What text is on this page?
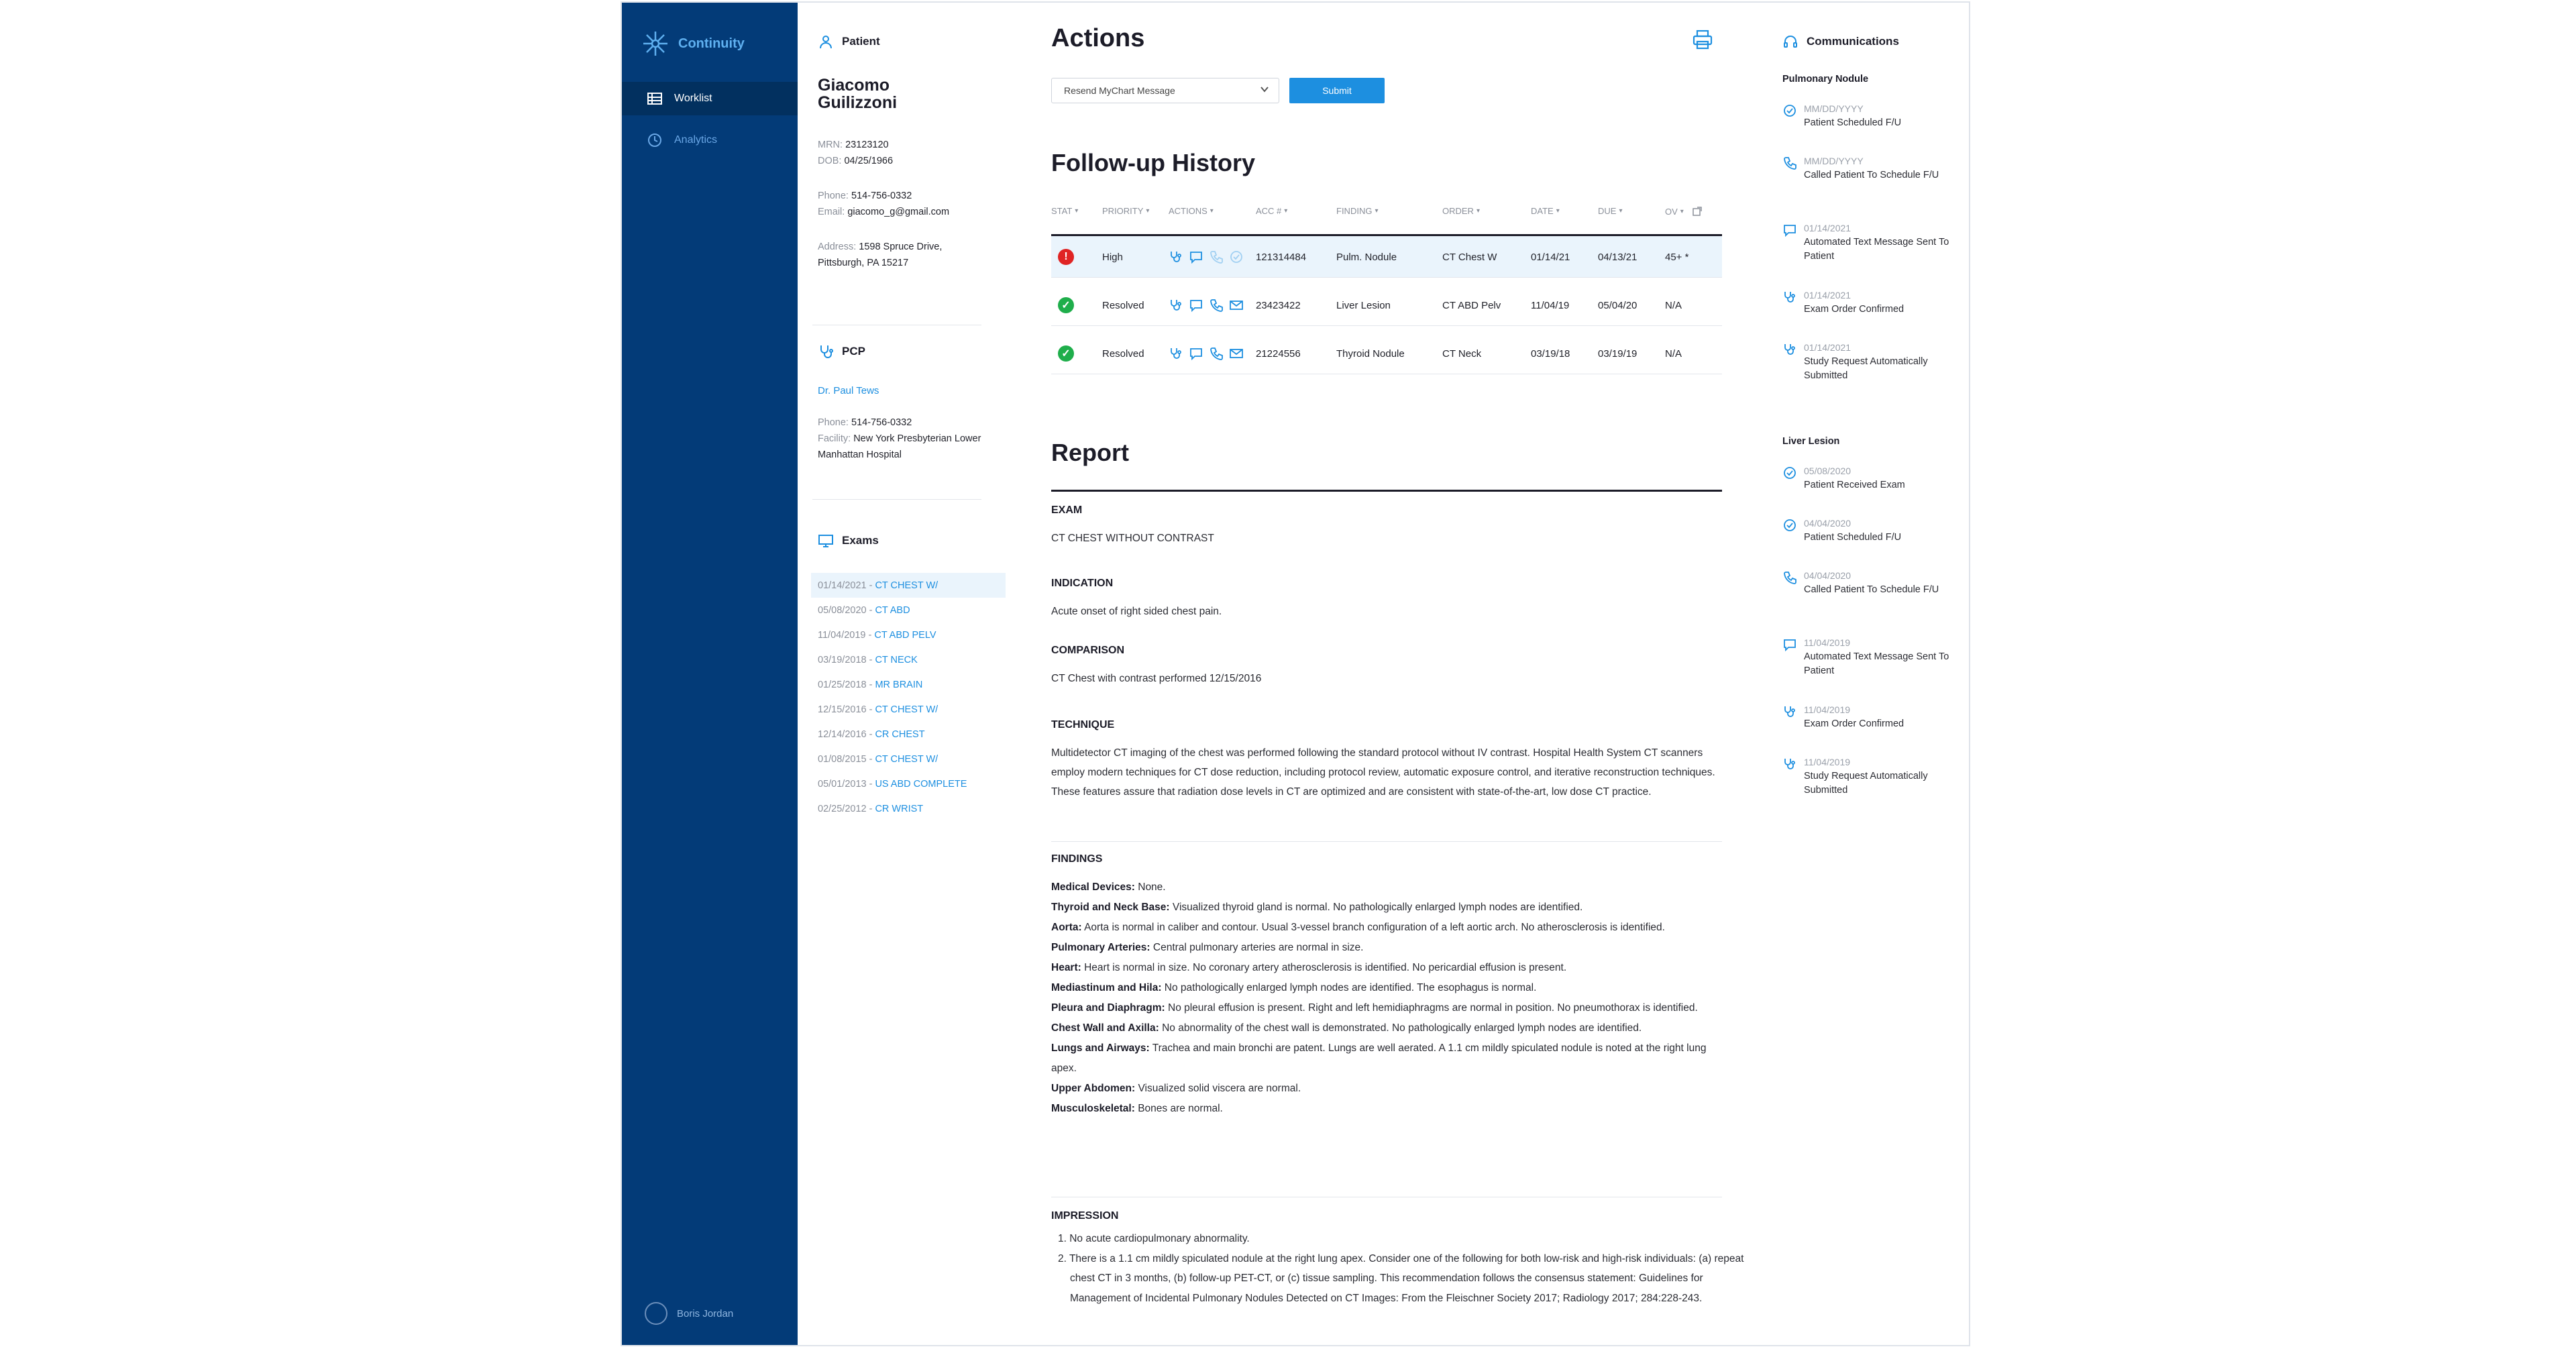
Continuity
Worklist
Analytics
Boris Jordan
Patient
Giacomo Guilizzoni
MRN: 23123120
DOB: 04/25/1966
Phone: 514-756-0332
Email: giacomo_g@gmail.com
Address: 1598 Spruce Drive, Pittsburgh, PA 15217
PCP
Dr. Paul Tews
Phone: 514-756-0332
Facility: New York Presbyterian Lower Manhattan Hospital
Exams
01/14/2021 - CT CHEST W/
05/08/2020 - CT ABD
11/04/2019 - CT ABD PELV
03/19/2018 - CT NECK
01/25/2018 - MR BRAIN
12/15/2016 - CT CHEST W/
12/14/2016 - CR CHEST
01/08/2015 - CT CHEST W/
05/01/2013 - US ABD COMPLETE
02/25/2012 - CR WRIST
Actions
Resend MyChart Message	Submit
Follow-up History
STAT ▾	PRIORITY ▾ ACTIONS ▾	ACC # ▾	FINDING ▾	ORDER ▾	DATE ▾	DUE ▾	OV ▾
!	High	121314484	Pulm. Nodule	CT Chest W	01/14/21	04/13/21	45+ *
✓	Resolved	23423422	Liver Lesion	CT ABD Pelv	11/04/19	05/04/20	N/A
✓	Resolved	21224556	Thyroid Nodule	CT Neck	03/19/18	03/19/19	N/A
Report
EXAM

CT CHEST WITHOUT CONTRAST

INDICATION

Acute onset of right sided chest pain.

COMPARISON

CT Chest with contrast performed 12/15/2016

TECHNIQUE

Multidetector CT imaging of the chest was performed following the standard protocol without IV contrast. Hospital Health System CT scanners employ modern techniques for CT dose reduction, including protocol review, automatic exposure control, and iterative reconstruction techniques. These features assure that radiation dose levels in CT are optimized and are consistent with state-of-the-art, low dose CT practice.

FINDINGS
Medical Devices: None.
Thyroid and Neck Base: Visualized thyroid gland is normal. No pathologically enlarged lymph nodes are identified.
Aorta: Aorta is normal in caliber and contour. Usual 3-vessel branch configuration of a left aortic arch. No atherosclerosis is identified.
Pulmonary Arteries: Central pulmonary arteries are normal in size.
Heart: Heart is normal in size. No coronary artery atherosclerosis is identified. No pericardial effusion is present.
Mediastinum and Hila: No pathologically enlarged lymph nodes are identified. The esophagus is normal.
Pleura and Diaphragm: No pleural effusion is present. Right and left hemidiaphragms are normal in position. No pneumothorax is identified.
Chest Wall and Axilla: No abnormality of the chest wall is demonstrated. No pathologically enlarged lymph nodes are identified.
Lungs and Airways: Trachea and main bronchi are patent. Lungs are well aerated. A 1.1 cm mildly spiculated nodule is noted at the right lung apex.
Upper Abdomen: Visualized solid viscera are normal.
Musculoskeletal: Bones are normal.
IMPRESSION
1. No acute cardiopulmonary abnormality.
2. There is a 1.1 cm mildly spiculated nodule at the right lung apex. Consider one of the following for both low-risk and high-risk individuals: (a) repeat chest CT in 3 months, (b) follow-up PET-CT, or (c) tissue sampling. This recommendation follows the consensus statement: Guidelines for Management of Incidental Pulmonary Nodules Detected on CT Images: From the Fleischner Society 2017; Radiology 2017; 284:228-243.
Communications
Pulmonary Nodule
MM/DD/YYYY
Patient Scheduled F/U
MM/DD/YYYY
Called Patient To Schedule F/U
01/14/2021
Automated Text Message Sent To Patient
01/14/2021
Exam Order Confirmed
01/14/2021
Study Request Automatically Submitted
Liver Lesion
05/08/2020
Patient Received Exam
04/04/2020
Patient Scheduled F/U
04/04/2020
Called Patient To Schedule F/U
11/04/2019
Automated Text Message Sent To Patient
11/04/2019
Exam Order Confirmed
11/04/2019
Study Request Automatically Submitted
